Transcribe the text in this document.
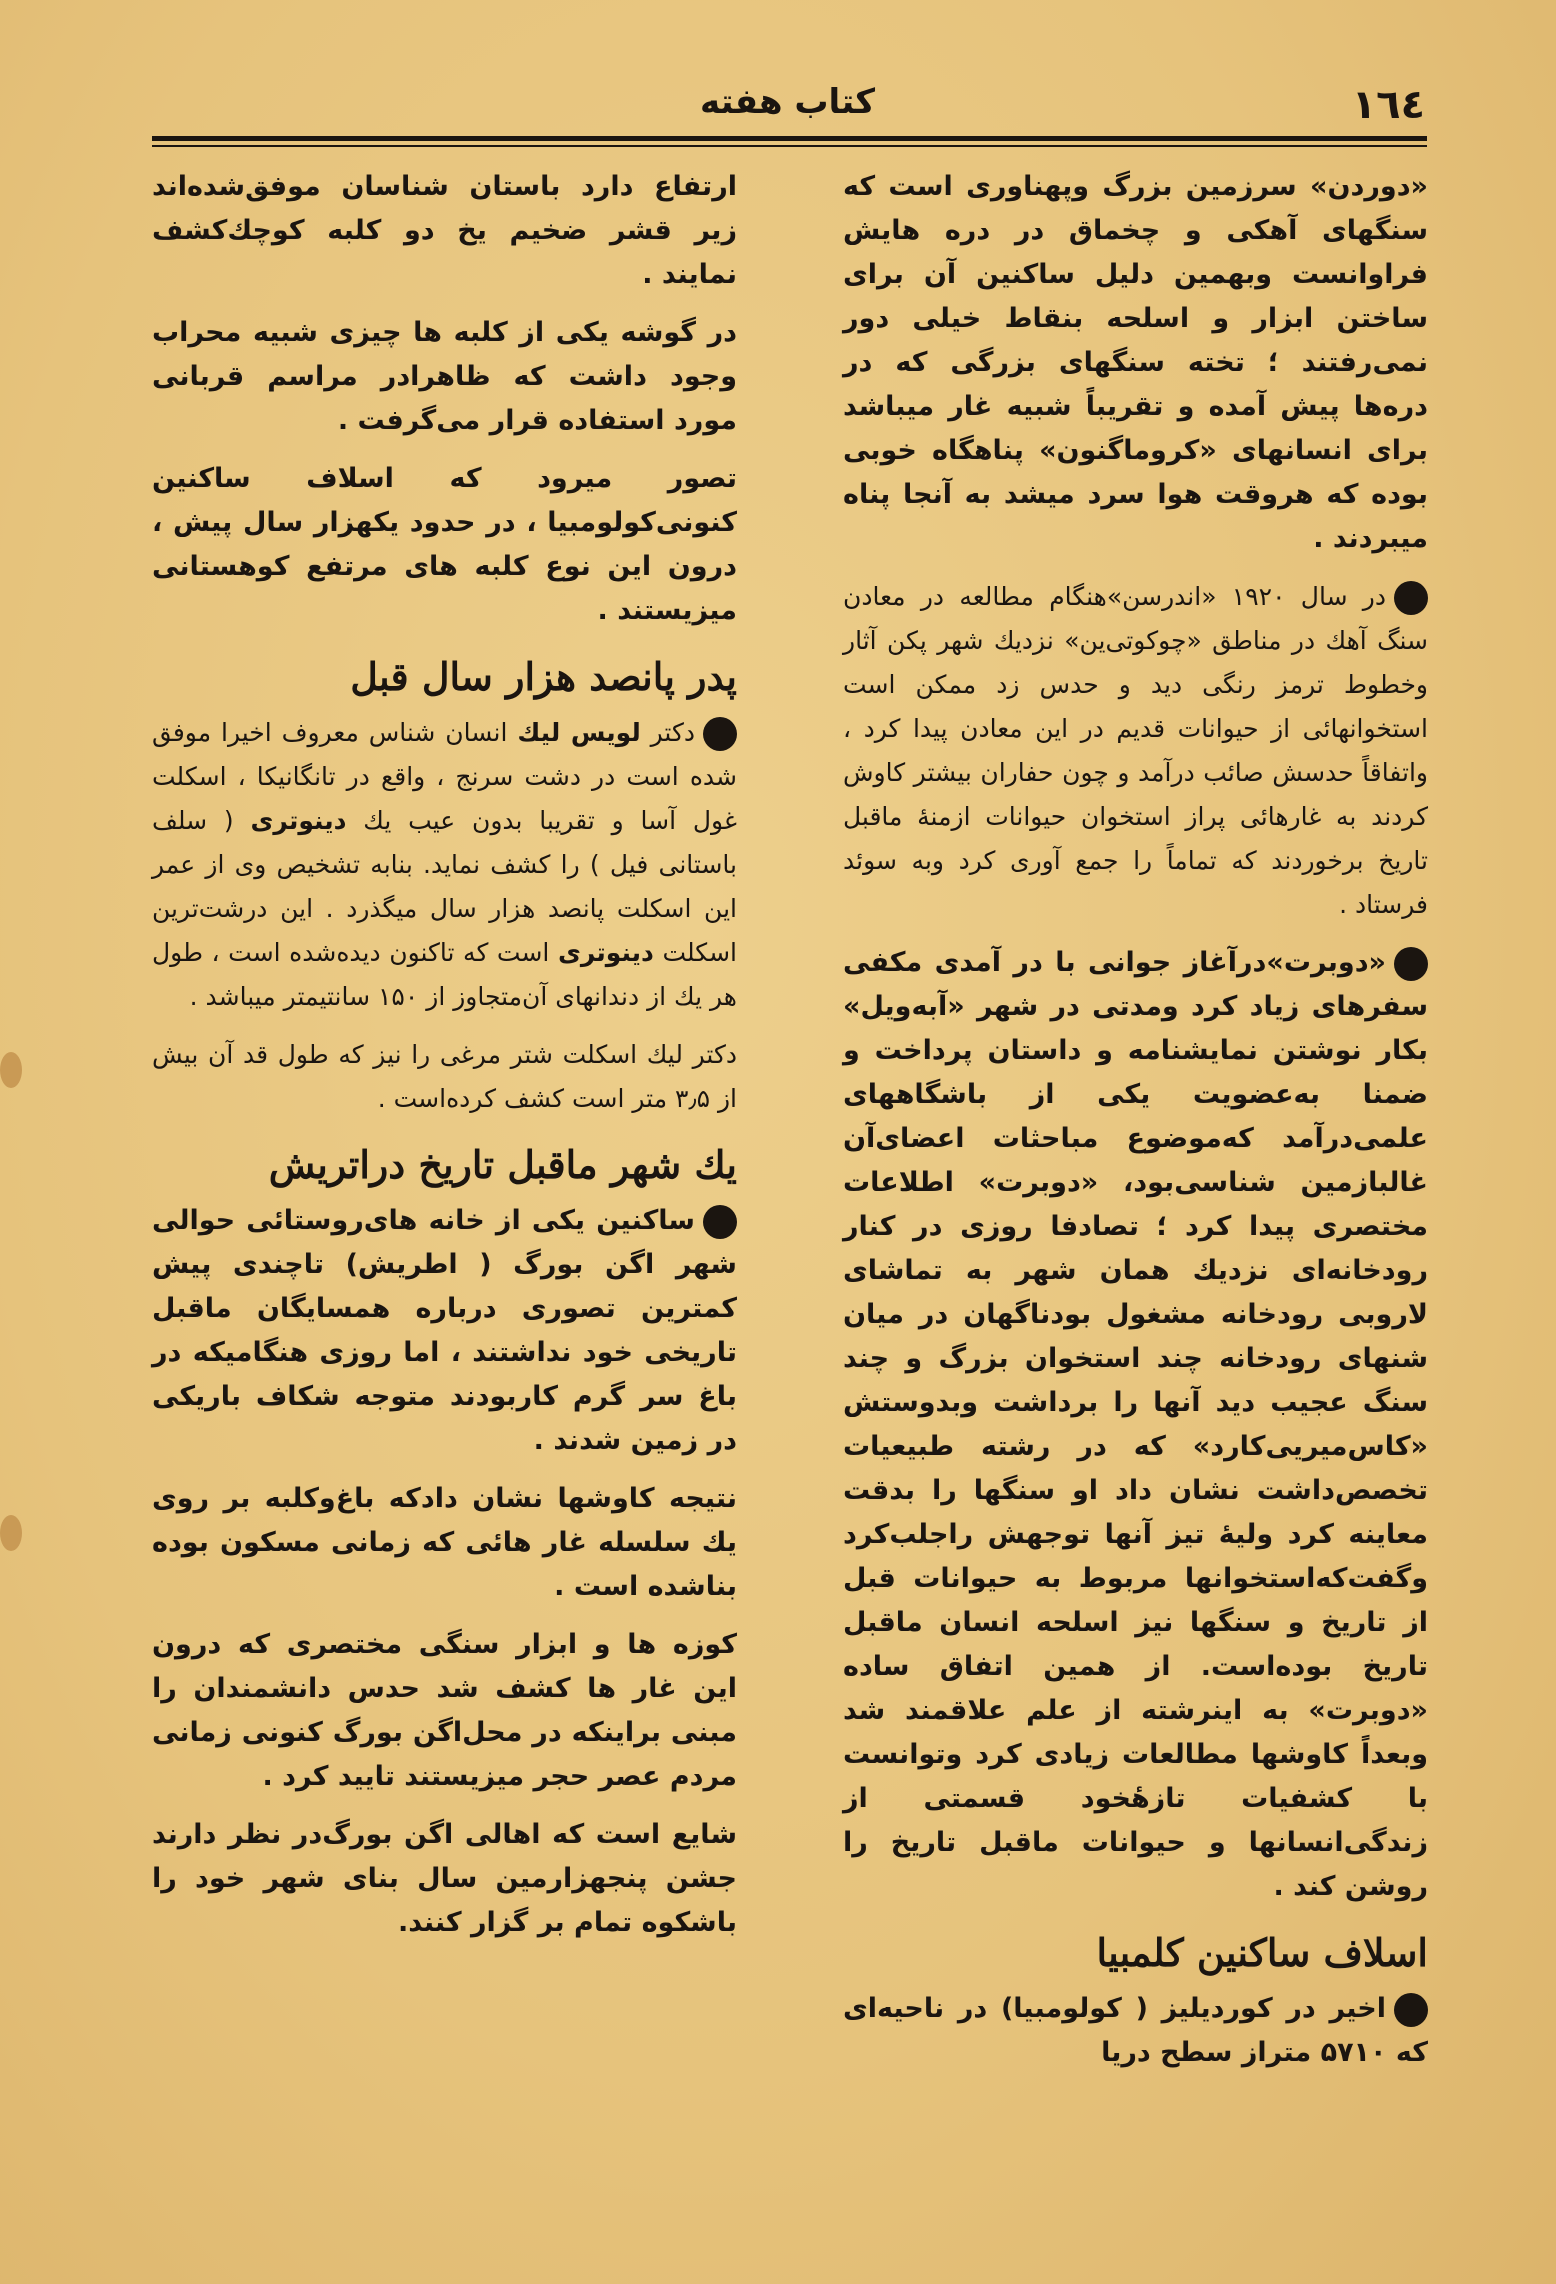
۱٦٤
کتاب هفته

«دوردن» سرزمین بزرگ وپهناوری است که سنگهای آهکی و چخماق در دره هایش فراوانست وبهمین دلیل ساکنین آن برای ساختن ابزار و اسلحه بنقاط خیلی دور نمی‌رفتند ؛ تخته سنگهای بزرگی که در دره‌ها پیش آمده و تقریباً شبیه غار میباشد برای انسانهای «کروماگنون» پناهگاه خوبی بوده که هروقت هوا سرد میشد به آنجا پناه میبردند .

در سال ۱۹۲۰ «اندرسن»هنگام مطالعه در معادن سنگ آهك در مناطق «چوکوتی‌ین» نزدیك شهر پکن آثار وخطوط ترمز رنگی دید و حدس زد ممکن است استخوانهائی از حیوانات قدیم در این معادن پیدا کرد ، واتفاقاً حدسش صائب درآمد و چون حفاران بیشتر کاوش کردند به غارهائی پراز استخوان حیوانات ازمنهٔ ماقبل تاریخ برخوردند که تماماً را جمع آوری کرد وبه سوئد فرستاد .

«دوبرت»درآغاز جوانی با در آمدی مکفی سفرهای زیاد کرد ومدتی در شهر «آبه‌ویل» بکار نوشتن نمایشنامه و داستان پرداخت و ضمنا به‌عضویت یکی از باشگاههای علمی‌درآمد که‌موضوع مباحثات اعضای‌آن غالبازمین شناسی‌بود، «دوبرت» اطلاعات مختصری پیدا کرد ؛ تصادفا روزی در کنار رودخانه‌ای نزدیك همان شهر به تماشای لاروبی رودخانه مشغول بودناگهان در میان شنهای رودخانه چند استخوان بزرگ و چند سنگ عجیب دید آنها را برداشت وبدوستش «کاس‌میریی‌کارد» که در رشته طبیعیات تخصص‌داشت نشان داد او سنگها را بدقت معاینه کرد ولیهٔ تیز آنها توجهش راجلب‌کرد وگفت‌که‌استخوانها مربوط به حیوانات قبل از تاریخ و سنگها نیز اسلحه انسان ماقبل تاریخ بوده‌است. از همین اتفاق ساده «دوبرت» به اینرشته از علم علاقمند شد وبعداً کاوشها مطالعات زیادی کرد وتوانست با کشفیات تازهٔخود قسمتی از زندگی‌انسانها و حیوانات ماقبل تاریخ را روشن کند .

اسلاف ساکنین کلمبیا

اخیر در کوردیلیز ( کولومبیا) در ناحیه‌ای که ۵۷۱۰ متراز سطح دریا

ارتفاع دارد باستان شناسان موفق‌شده‌اند زیر قشر ضخیم یخ دو کلبه کوچك‌کشف نمایند .

در گوشه یکی از کلبه ها چیزی شبیه محراب وجود داشت که ظاهرادر مراسم قربانی مورد استفاده قرار می‌گرفت .

تصور میرود که اسلاف ساکنین کنونی‌کولومبیا ، در حدود یکهزار سال پیش ، درون این نوع کلبه های مرتفع کوهستانی میزیستند .

پدر پانصد هزار سال قبل

دکتر لویس لیك انسان شناس معروف اخیرا موفق شده است در دشت سرنج ، واقع در تانگانیکا ، اسکلت غول آسا و تقریبا بدون عیب یك دینوتری ( سلف باستانی فیل ) را کشف نماید. بنابه تشخیص وی از عمر این اسکلت پانصد هزار سال میگذرد . این درشت‌ترین اسکلت دینوتری است که تاکنون دیده‌شده است ، طول هر یك از دندانهای آن‌متجاوز از ۱۵۰ سانتیمتر میباشد .

دکتر لیك اسکلت شتر مرغی را نیز که طول قد آن بیش از ۳٫۵ متر است کشف کرده‌است .

یك شهر ماقبل تاریخ دراتریش

ساکنین یکی از خانه های‌روستائی حوالی شهر اگن بورگ ( اطریش) تاچندی پیش کمترین تصوری درباره همسایگان ماقبل تاریخی خود نداشتند ، اما روزی هنگامیکه در باغ سر گرم کاربودند متوجه شکاف باریکی در زمین شدند .

نتیجه کاوشها نشان دادکه باغ‌وکلبه بر روی یك سلسله غار هائی که زمانی مسکون بوده بناشده است .

کوزه ها و ابزار سنگی مختصری که درون این غار ها کشف شد حدس دانشمندان را مبنی براینکه در محل‌اگن بورگ کنونی زمانی مردم عصر حجر میزیستند تایید کرد .

شایع است که اهالی اگن بورگ‌در نظر دارند جشن پنجهزارمین سال بنای شهر خود را باشکوه تمام بر گزار کنند.
